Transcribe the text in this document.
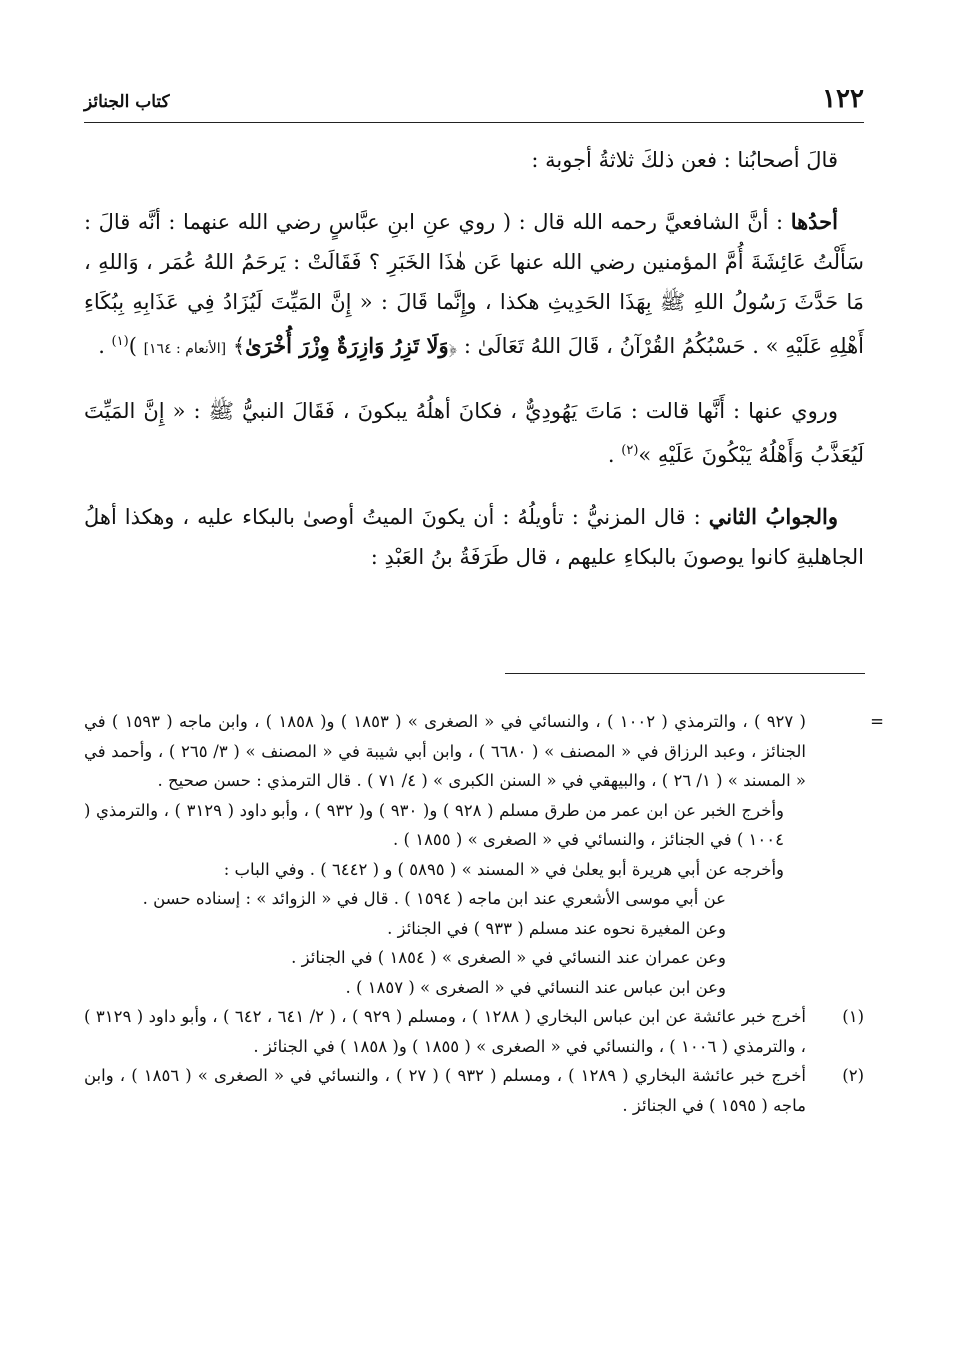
١٢٢
كتاب الجنائز

قالَ أصحابُنا : فعن ذلكَ ثلاثةُ أجوبة :

أحدُها : أنَّ الشافعيَّ رحمه الله قال : ( روي عنِ ابنِ عبَّاسٍ رضي الله عنهما : أنَّه قالَ : سَأَلْتُ عَائِشَةَ أُمَّ المؤمنين رضي الله عنها عَن هٰذَا الخَبَرِ ؟ فَقَالَتْ : يَرحَمُ اللهُ عُمَر ، وَاللهِ ، مَا حَدَّثَ رَسُولُ اللهِ ﷺ بِهَذَا الحَدِيثِ هكذا ، وإِنَّما قَالَ : « إِنَّ المَيِّتَ لَيُزَادُ فِي عَذَابِهِ بِبُكَاءِ أَهْلِهِ عَلَيْهِ » . حَسْبُكُمُ القُرْآنُ ، قَالَ اللهُ تَعَالَىٰ : ﴿وَلَا تَزِرُ وَازِرَةٌ وِزْرَ أُخْرَىٰ﴾ [الأنعام : ١٦٤] )$^{(١)}$ .

وروي عنها : أَنَّها قالت : مَاتَ يَهُودِيٌّ ، فكانَ أهلُهُ يبكونَ ، فَقَالَ النبيُّ ﷺ : « إِنَّ المَيِّتَ لَيُعَذَّبُ وَأَهْلُهُ يَبْكُونَ عَلَيْهِ »$^{(٢)}$ .

والجوابُ الثاني : قال المزنيُّ : تأويلُهُ : أن يكونَ الميتُ أوصىٰ بالبكاء عليه ، وهكذا أهلُ الجاهليةِ كانوا يوصونَ بالبكاءِ عليهم ، قال طَرَفَةُ بنُ العَبْدِ :

=

( ٩٢٧ ) ، والترمذي ( ١٠٠٢ ) ، والنسائي في « الصغرى » ( ١٨٥٣ ) و( ١٨٥٨ ) ، وابن ماجه ( ١٥٩٣ ) في الجنائز ، وعبد الرزاق في « المصنف » ( ٦٦٨٠ ) ، وابن أبي شيبة في « المصنف » ( ٣/ ٢٦٥ ) ، وأحمد في « المسند » ( ١/ ٢٦ ) ، والبيهقي في « السنن الكبرى » ( ٤/ ٧١ ) . قال الترمذي : حسن صحيح .

وأخرج الخبر عن ابن عمر من طرق مسلم ( ٩٢٨ ) و( ٩٣٠ ) و( ٩٣٢ ) ، وأبو داود ( ٣١٢٩ ) ، والترمذي ( ١٠٠٤ ) في الجنائز ، والنسائي في « الصغرى » ( ١٨٥٥ ) .

وأخرجه عن أبي هريرة أبو يعلىٰ في « المسند » ( ٥٨٩٥ ) و ( ٦٤٤٢ ) . وفي الباب :

عن أبي موسى الأشعري عند ابن ماجه ( ١٥٩٤ ) . قال في « الزوائد » : إسناده حسن .

وعن المغيرة نحوه عند مسلم ( ٩٣٣ ) في الجنائز .

وعن عمران عند النسائي في « الصغرى » ( ١٨٥٤ ) في الجنائز .

وعن ابن عباس عند النسائي في « الصغرى » ( ١٨٥٧ ) .

(١)

أخرج خبر عائشة عن ابن عباس البخاري ( ١٢٨٨ ) ، ومسلم ( ٩٢٩ ) ، ( ٢/ ٦٤١ ، ٦٤٢ ) ، وأبو داود ( ٣١٢٩ ) ، والترمذي ( ١٠٠٦ ) ، والنسائي في « الصغرى » ( ١٨٥٥ ) و( ١٨٥٨ ) في الجنائز .

(٢)

أخرج خبر عائشة البخاري ( ١٢٨٩ ) ، ومسلم ( ٩٣٢ ) ( ٢٧ ) ، والنسائي في « الصغرى » ( ١٨٥٦ ) ، وابن ماجه ( ١٥٩٥ ) في الجنائز .
